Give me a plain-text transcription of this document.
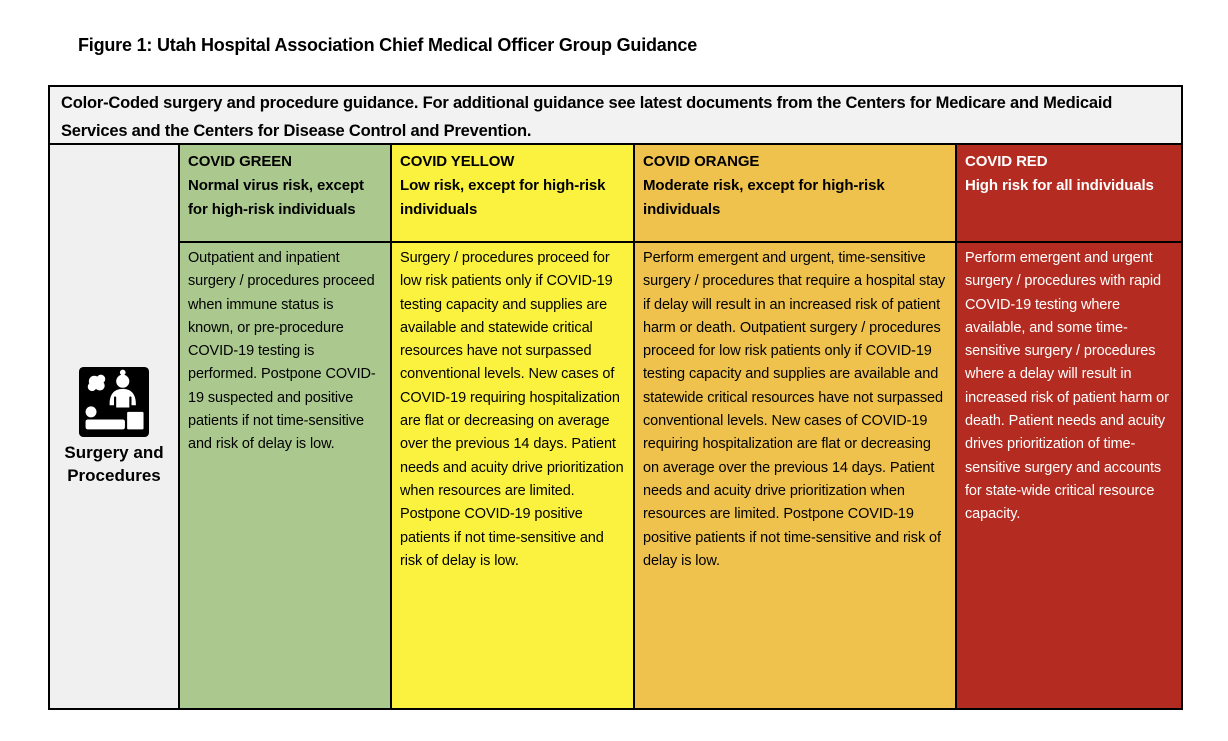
Figure 1: Utah Hospital Association Chief Medical Officer Group Guidance
Color-Coded surgery and procedure guidance. For additional guidance see latest documents from the Centers for Medicare and Medicaid Services and the Centers for Disease Control and Prevention.
Surgery and Procedures
COVID GREEN
Normal virus risk, except for high-risk individuals
COVID YELLOW
Low risk, except for high-risk individuals
COVID ORANGE
Moderate risk, except for high-risk individuals
COVID RED
High risk for all individuals
Outpatient and inpatient surgery / procedures proceed when immune status is known, or pre-procedure COVID-19 testing is performed. Postpone COVID-19 suspected and positive patients if not time-sensitive and risk of delay is low.
Surgery / procedures proceed for low risk patients only if COVID-19 testing capacity and supplies are available and statewide critical resources have not surpassed conventional levels. New cases of COVID-19 requiring hospitalization are flat or decreasing on average over the previous 14 days. Patient needs and acuity drive prioritization when resources are limited. Postpone COVID-19 positive patients if not time-sensitive and risk of delay is low.
Perform emergent and urgent, time-sensitive surgery / procedures that require a hospital stay if delay will result in an increased risk of patient harm or death. Outpatient surgery / procedures proceed for low risk patients only if COVID-19 testing capacity and supplies are available and statewide critical resources have not surpassed conventional levels. New cases of COVID-19 requiring hospitalization are flat or decreasing on average over the previous 14 days. Patient needs and acuity drive prioritization when resources are limited. Postpone COVID-19 positive patients if not time-sensitive and risk of delay is low.
Perform emergent and urgent surgery / procedures with rapid COVID-19 testing where available, and some time-sensitive surgery / procedures where a delay will result in increased risk of patient harm or death. Patient needs and acuity drives prioritization of time-sensitive surgery and accounts for state-wide critical resource capacity.
